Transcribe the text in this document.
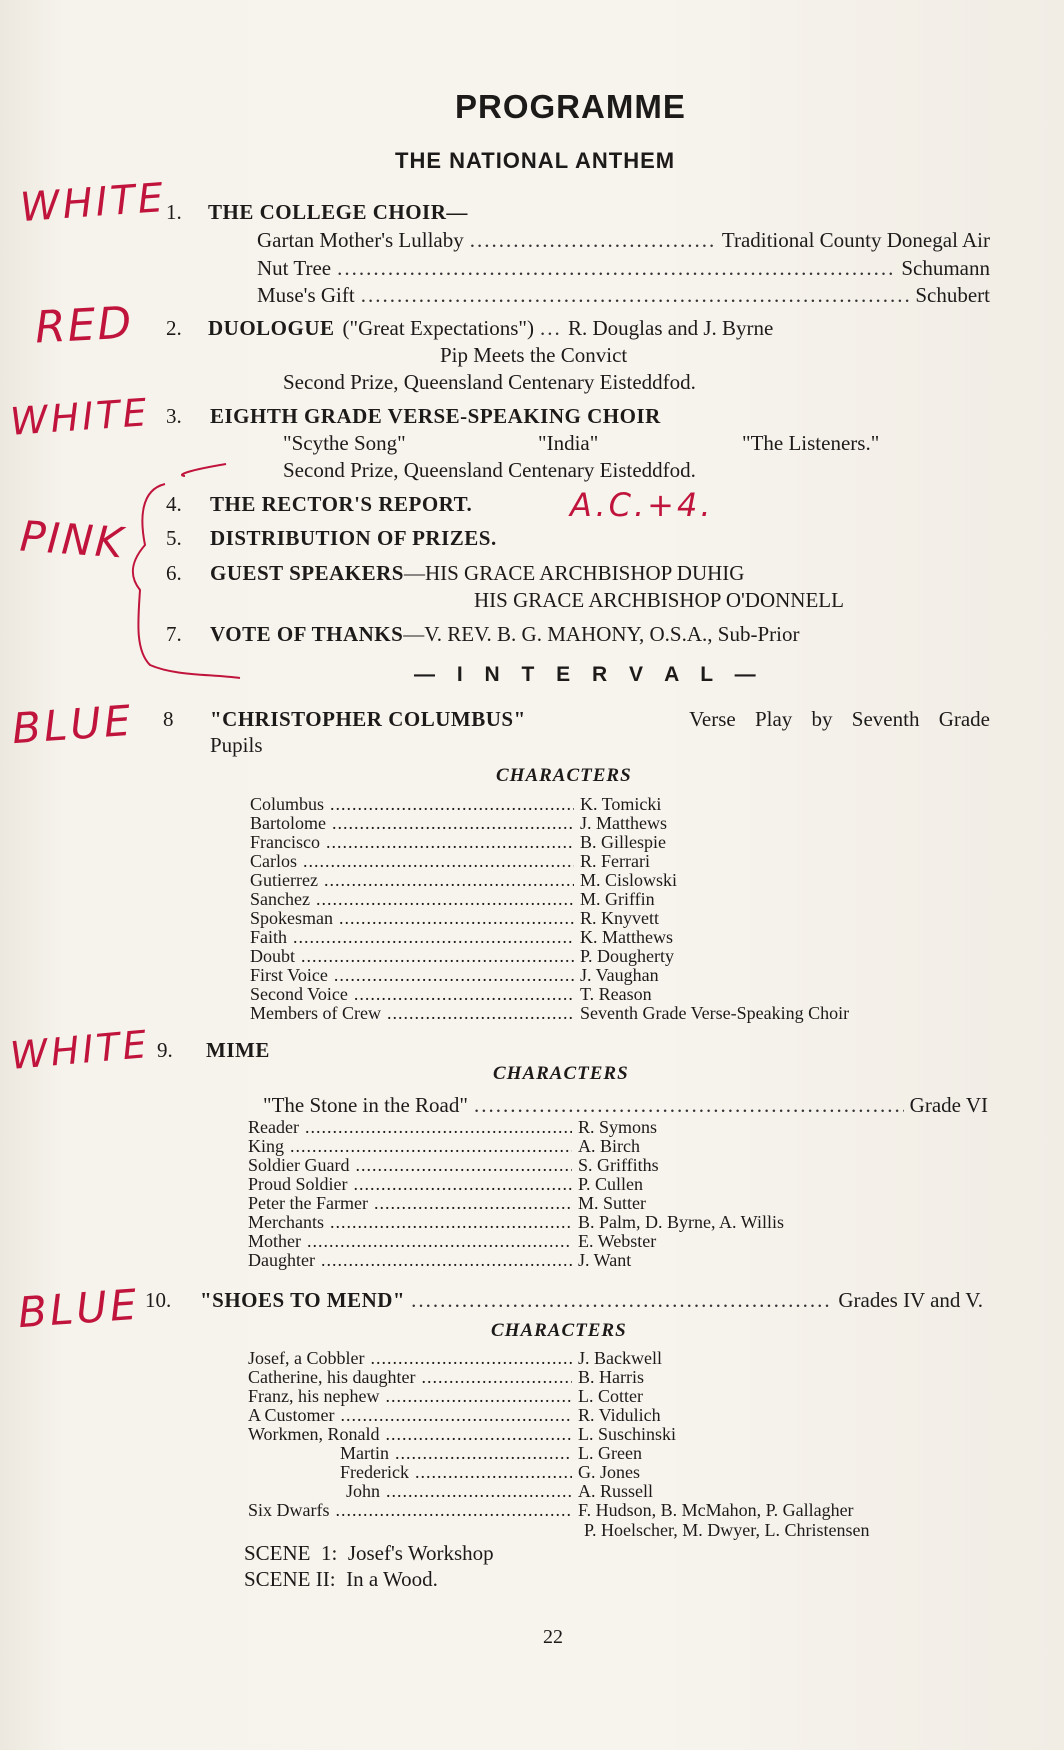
PROGRAMME
THE NATIONAL ANTHEM
1. THE COLLEGE CHOIR—
Gartan Mother's Lullaby .....	Traditional County Donegal Air
Nut Tree .....	Schumann
Muse's Gift .....	Schubert
2. DUOLOGUE ("Great Expectations") ..... R. Douglas and J. Byrne
Pip Meets the Convict
Second Prize, Queensland Centenary Eisteddfod.
3. EIGHTH GRADE VERSE-SPEAKING CHOIR
"Scythe Song"	"India"	"The Listeners."
Second Prize, Queensland Centenary Eisteddfod.
4. THE RECTOR'S REPORT.
5. DISTRIBUTION OF PRIZES.
6. GUEST SPEAKERS—HIS GRACE ARCHBISHOP DUHIG
HIS GRACE ARCHBISHOP O'DONNELL
7. VOTE OF THANKS—V. REV. B. G. MAHONY, O.S.A., Sub-Prior
— I N T E R V A L —
8 "CHRISTOPHER COLUMBUS"	Verse Play by Seventh Grade
Pupils
CHARACTERS
Columbus .....	K. Tomicki
Bartolome .....	J. Matthews
Francisco .....	B. Gillespie
Carlos .....	R. Ferrari
Gutierrez .....	M. Cislowski
Sanchez .....	M. Griffin
Spokesman .....	R. Knyvett
Faith .....	K. Matthews
Doubt .....	P. Dougherty
First Voice .....	J. Vaughan
Second Voice .....	T. Reason
Members of Crew .....	Seventh Grade Verse-Speaking Choir
9. MIME
CHARACTERS
"The Stone in the Road" .....	Grade VI
Reader .....	R. Symons
King .....	A. Birch
Soldier Guard .....	S. Griffiths
Proud Soldier .....	P. Cullen
Peter the Farmer .....	M. Sutter
Merchants .....	B. Palm, D. Byrne, A. Willis
Mother .....	E. Webster
Daughter .....	J. Want
10. "SHOES TO MEND" .....	Grades IV and V.
CHARACTERS
Josef, a Cobbler .....	J. Backwell
Catherine, his daughter .....	B. Harris
Franz, his nephew .....	L. Cotter
A Customer .....	R. Vidulich
Workmen, Ronald .....	L. Suschinski
Martin .....	L. Green
Frederick .....	G. Jones
John .....	A. Russell
Six Dwarfs .....	F. Hudson, B. McMahon, P. Gallagher
P. Hoelscher, M. Dwyer, L. Christensen
SCENE  1:  Josef's Workshop
SCENE II:  In a Wood.
22
WHITE
RED
WHITE
PINK
A.C.+4.
BLUE
WHITE
BLUE
